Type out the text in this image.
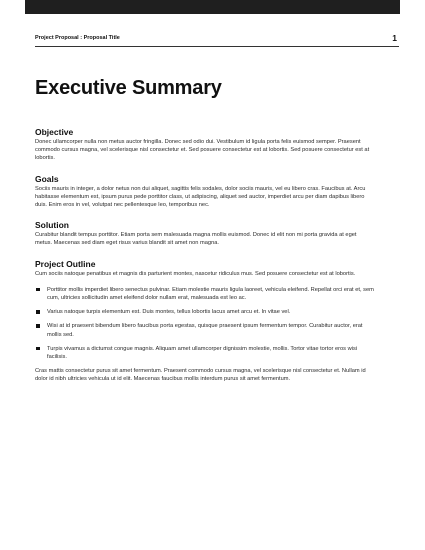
Project Proposal : Proposal Title	1
Executive Summary
Objective

Donec ullamcorper nulla non metus auctor fringilla. Donec sed odio dui. Vestibulum id ligula porta felis euismod semper. Praesent commodo cursus magna, vel scelerisque nisl consectetur et. Sed posuere consectetur est at lobortis. Sed posuere consectetur est at lobortis.

Goals

Sociis mauris in integer, a dolor netus non dui aliquet, sagittis felis sodales, dolor sociis mauris, vel eu libero cras. Faucibus at. Arcu habitasse elementum est, ipsum purus pede porttitor class, ut adipiscing, aliquet sed auctor, imperdiet arcu per diam dapibus libero duis. Enim eros in vel, volutpat nec pellentesque leo, temporibus nec.

Solution

Curabitur blandit tempus porttitor. Etiam porta sem malesuada magna mollis euismod. Donec id elit non mi porta gravida at eget metus. Maecenas sed diam eget risus varius blandit sit amet non magna.

Project Outline

Cum sociis natoque penatibus et magnis dis parturient montes, nascetur ridiculus mus. Sed posuere consectetur est at lobortis.

Porttitor mollis imperdiet libero senectus pulvinar. Etiam molestie mauris ligula laoreet, vehicula eleifend. Repellat orci erat et, sem cum, ultricies sollicitudin amet eleifend dolor nullam erat, malesuada est leo ac.

Varius natoque turpis elementum est. Duis montes, tellus lobortis lacus amet arcu et. In vitae vel.

Wisi at id praesent bibendum libero faucibus porta egestas, quisque praesent ipsum fermentum tempor. Curabitur auctor, erat mollis sed.

Turpis vivamus a dictumst congue magnis. Aliquam amet ullamcorper dignissim molestie, mollis. Tortor vitae tortor eros wisi facilisis.

Cras mattis consectetur purus sit amet fermentum. Praesent commodo cursus magna, vel scelerisque nisl consectetur et. Nullam id dolor id nibh ultricies vehicula ut id elit. Maecenas faucibus mollis interdum purus sit amet fermentum.
